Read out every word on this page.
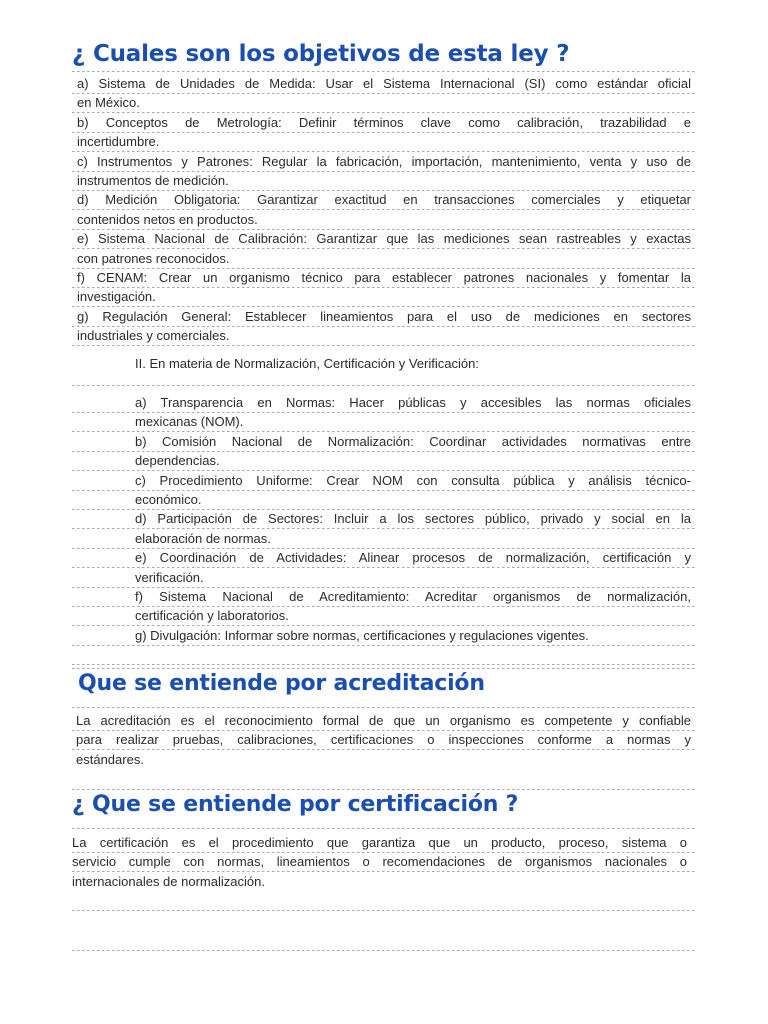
¿ Cuales son los objetivos de esta ley ?
a) Sistema de Unidades de Medida: Usar el Sistema Internacional (SI) como estándar oficial
en México.
b) Conceptos de Metrología: Definir términos clave como calibración, trazabilidad e
incertidumbre.
c) Instrumentos y Patrones: Regular la fabricación, importación, mantenimiento, venta y uso de
instrumentos de medición.
d) Medición Obligatoria: Garantizar exactitud en transacciones comerciales y etiquetar
contenidos netos en productos.
e) Sistema Nacional de Calibración: Garantizar que las mediciones sean rastreables y exactas
con patrones reconocidos.
f) CENAM: Crear un organismo técnico para establecer patrones nacionales y fomentar la
investigación.
g) Regulación General: Establecer lineamientos para el uso de mediciones en sectores
industriales y comerciales.
II. En materia de Normalización, Certificación y Verificación:
a) Transparencia en Normas: Hacer públicas y accesibles las normas oficiales
mexicanas (NOM).
b) Comisión Nacional de Normalización: Coordinar actividades normativas entre
dependencias.
c) Procedimiento Uniforme: Crear NOM con consulta pública y análisis técnico-
económico.
d) Participación de Sectores: Incluir a los sectores público, privado y social en la
elaboración de normas.
e) Coordinación de Actividades: Alinear procesos de normalización, certificación y
verificación.
f) Sistema Nacional de Acreditamiento: Acreditar organismos de normalización,
certificación y laboratorios.
g) Divulgación: Informar sobre normas, certificaciones y regulaciones vigentes.
Que se entiende por acreditación
La acreditación es el reconocimiento formal de que un organismo es competente y confiable
para realizar pruebas, calibraciones, certificaciones o inspecciones conforme a normas y
estándares.
¿ Que se entiende por certificación ?
La certificación es el procedimiento que garantiza que un producto, proceso, sistema o
servicio cumple con normas, lineamientos o recomendaciones de organismos nacionales o
internacionales de normalización.
